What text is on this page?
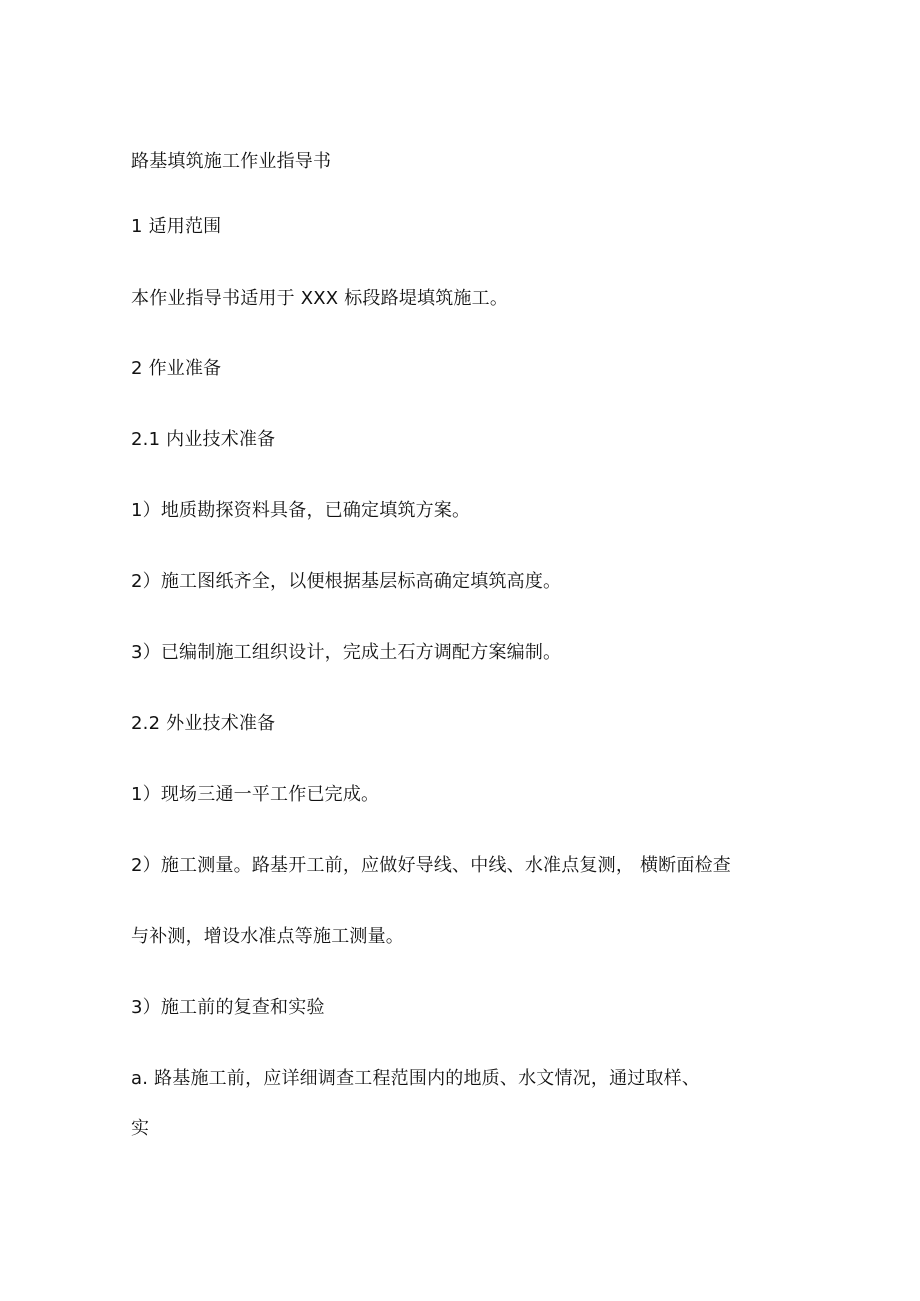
路基填筑施工作业指导书
1 适用范围
本作业指导书适用于 XXX 标段路堤填筑施工。
2 作业准备
2.1 内业技术准备
1）地质勘探资料具备，已确定填筑方案。
2）施工图纸齐全，以便根据基层标高确定填筑高度。
3）已编制施工组织设计，完成土石方调配方案编制。
2.2 外业技术准备
1）现场三通一平工作已完成。
2）施工测量。路基开工前，应做好导线、中线、水准点复测， 横断面检查
与补测，增设水准点等施工测量。
3）施工前的复查和实验
a. 路基施工前，应详细调查工程范围内的地质、水文情况，通过取样、
实
